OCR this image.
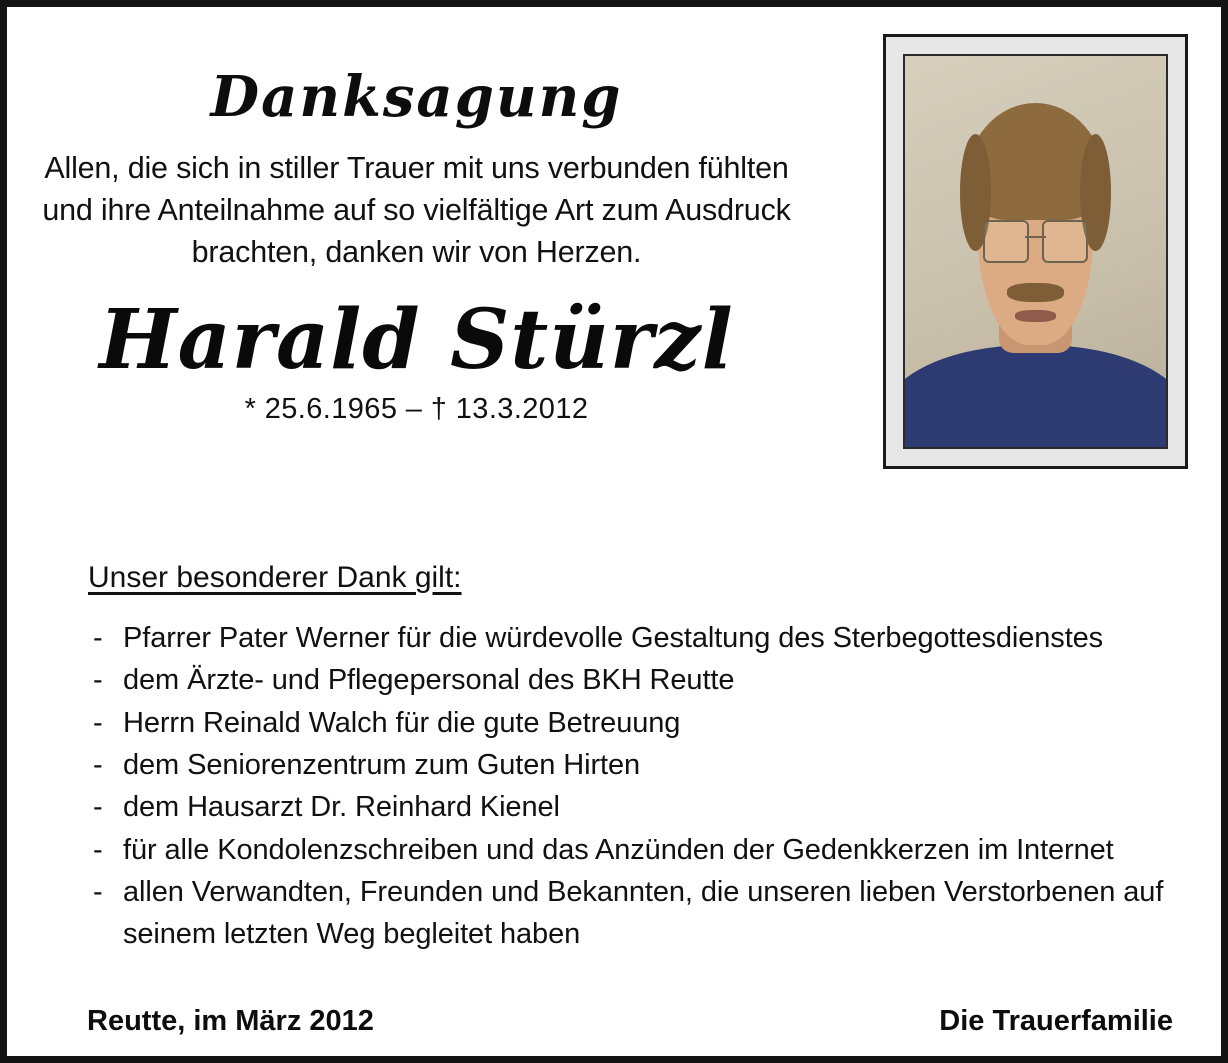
Danksagung
Allen, die sich in stiller Trauer mit uns verbunden fühlten
und ihre Anteilnahme auf so vielfältige Art zum Ausdruck
brachten, danken wir von Herzen.
Harald Stürzl
* 25.6.1965 – † 13.3.2012
Unser besonderer Dank gilt:
- Pfarrer Pater Werner für die würdevolle Gestaltung des Sterbegottesdienstes
- dem Ärzte- und Pflegepersonal des BKH Reutte
- Herrn Reinald Walch für die gute Betreuung
- dem Seniorenzentrum zum Guten Hirten
- dem Hausarzt Dr. Reinhard Kienel
- für alle Kondolenzschreiben und das Anzünden der Gedenkkerzen im Internet
- allen Verwandten, Freunden und Bekannten, die unseren lieben Verstorbenen auf seinem letzten Weg begleitet haben
Reutte, im März 2012	Die Trauerfamilie
